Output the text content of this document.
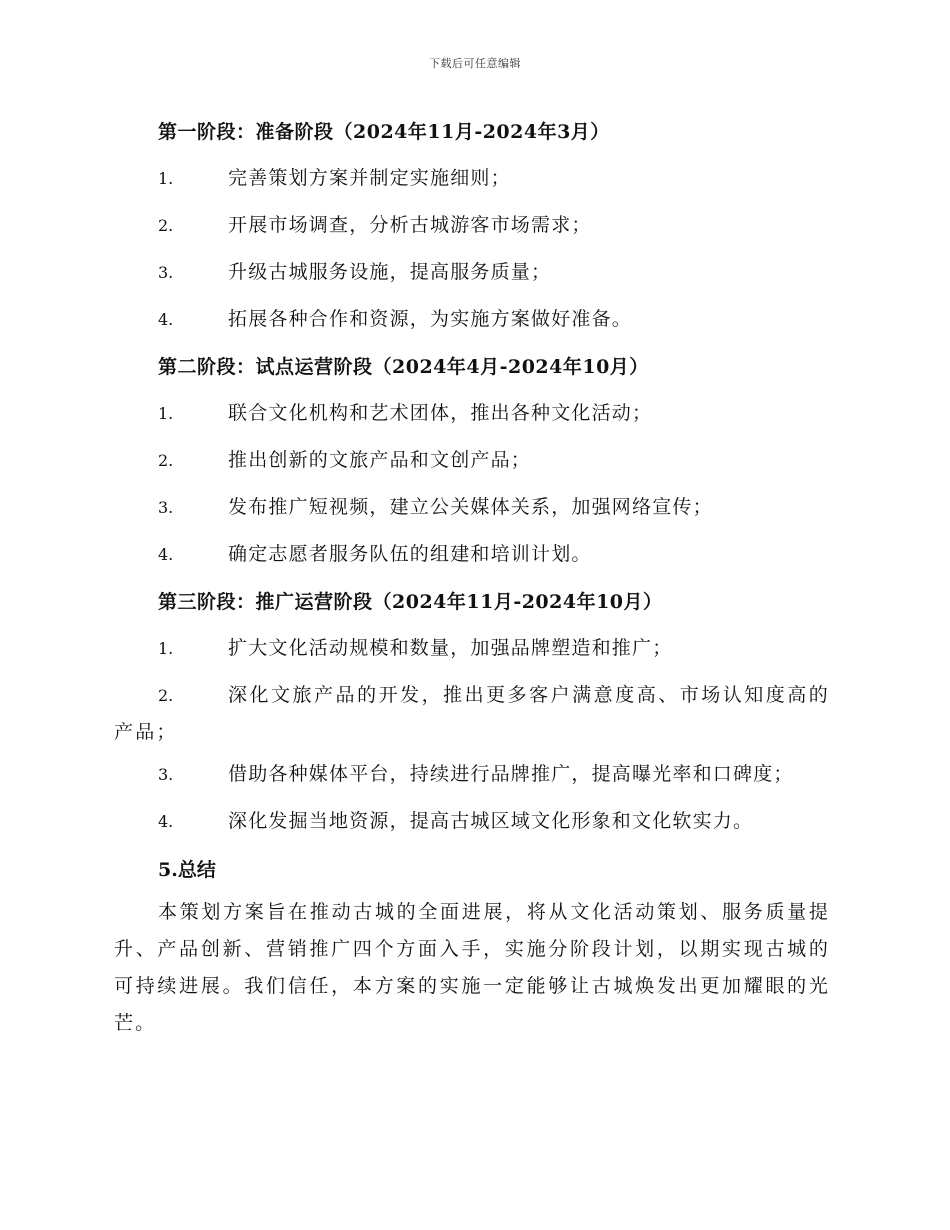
下载后可任意编辑
第一阶段：准备阶段（2024年11月-2024年3月）
1.	完善策划方案并制定实施细则；
2.	开展市场调查，分析古城游客市场需求；
3.	升级古城服务设施，提高服务质量；
4.	拓展各种合作和资源，为实施方案做好准备。
第二阶段：试点运营阶段（2024年4月-2024年10月）
1.	联合文化机构和艺术团体，推出各种文化活动；
2.	推出创新的文旅产品和文创产品；
3.	发布推广短视频，建立公关媒体关系，加强网络宣传；
4.	确定志愿者服务队伍的组建和培训计划。
第三阶段：推广运营阶段（2024年11月-2024年10月）
1.	扩大文化活动规模和数量，加强品牌塑造和推广；
2.	深化文旅产品的开发，推出更多客户满意度高、市场认知度高的产品；
3.	借助各种媒体平台，持续进行品牌推广，提高曝光率和口碑度；
4.	深化发掘当地资源，提高古城区域文化形象和文化软实力。
5.总结

本策划方案旨在推动古城的全面进展，将从文化活动策划、服务质量提升、产品创新、营销推广四个方面入手，实施分阶段计划，以期实现古城的可持续进展。我们信任，本方案的实施一定能够让古城焕发出更加耀眼的光芒。
